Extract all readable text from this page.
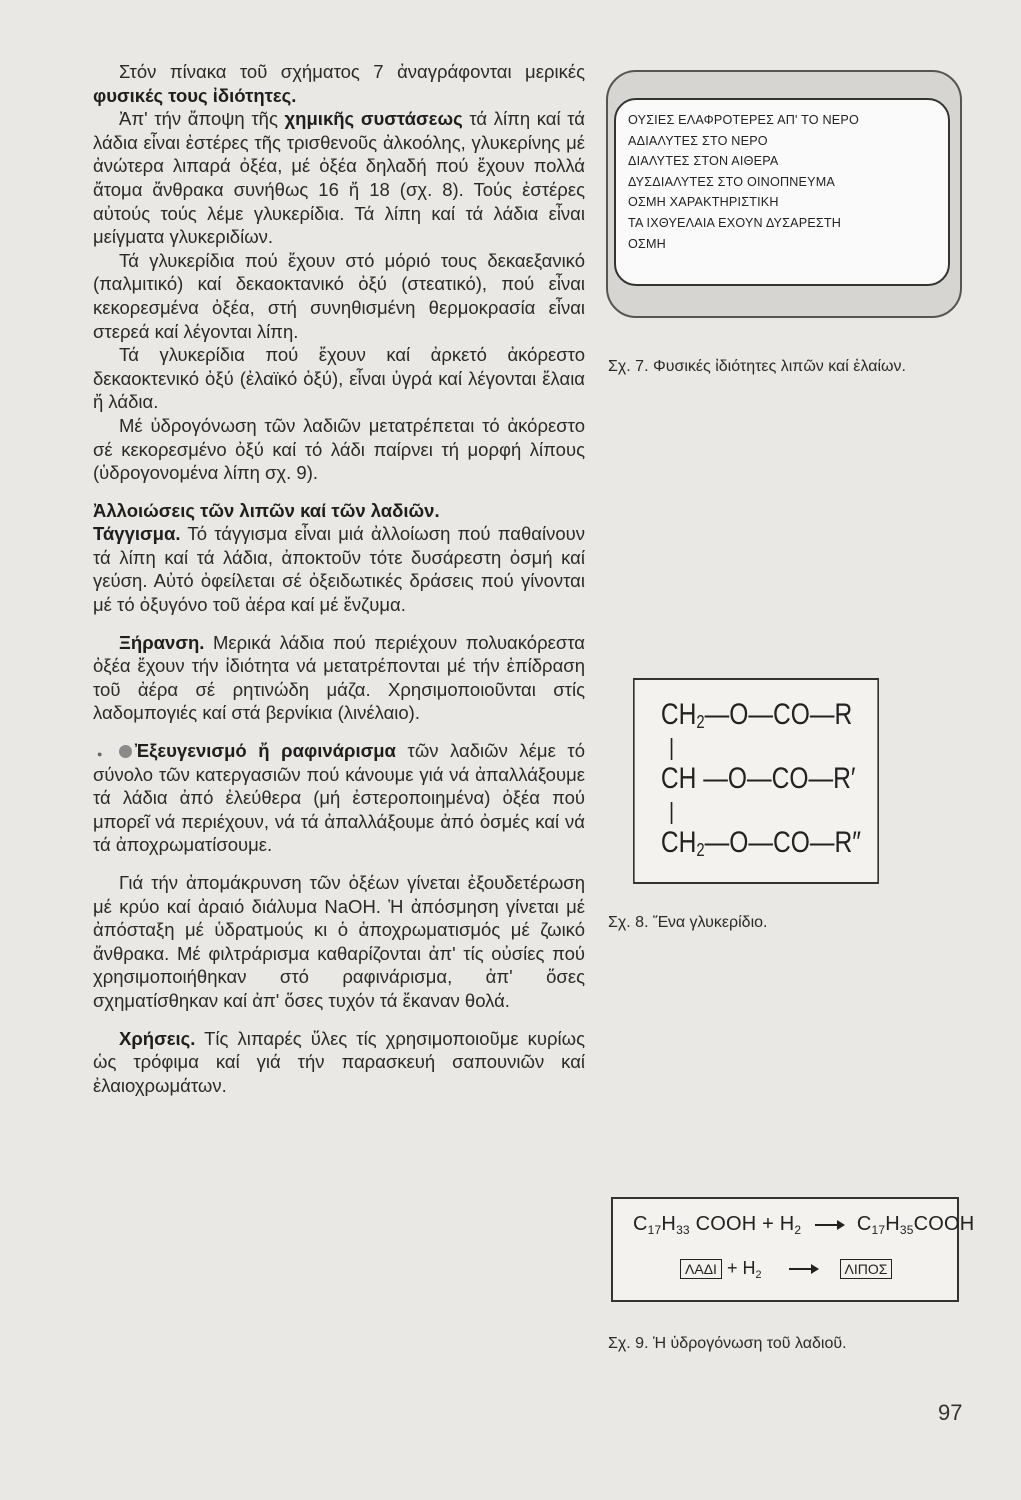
Στόν πίνακα τοῦ σχήματος 7 ἀναγράφονται μερικές φυσικές τους ἰδιότητες.

Ἀπ' τήν ἄποψη τῆς χημικῆς συστάσεως τά λίπη καί τά λάδια εἶναι ἐστέρες τῆς τρισθενοῦς ἀλκοόλης, γλυκερίνης μέ ἀνώτερα λιπαρά ὀξέα, μέ ὀξέα δηλαδή πού ἔχουν πολλά ἄτομα ἄνθρακα συνήθως 16 ἤ 18 (σχ. 8). Τούς ἐστέρες αὐτούς τούς λέμε γλυκερίδια. Τά λίπη καί τά λάδια εἶναι μείγματα γλυκεριδίων.

Τά γλυκερίδια πού ἔχουν στό μόριό τους δεκαεξανικό (παλμιτικό) καί δεκαοκτανικό ὀξύ (στεατικό), πού εἶναι κεκορεσμένα ὀξέα, στή συνηθισμένη θερμοκρασία εἶναι στερεά καί λέγονται λίπη.

Τά γλυκερίδια πού ἔχουν καί ἀρκετό ἀκόρεστο δεκαοκτενικό ὀξύ (ἐλαϊκό ὀξύ), εἶναι ὑγρά καί λέγονται ἔλαια ἤ λάδια.

Μέ ὑδρογόνωση τῶν λαδιῶν μετατρέπεται τό ἀκόρεστο σέ κεκορεσμένο ὀξύ καί τό λάδι παίρνει τή μορφή λίπους (ὑδρογονομένα λίπη σχ. 9).

Ἀλλοιώσεις τῶν λιπῶν καί τῶν λαδιῶν.

Τάγγισμα. Τό τάγγισμα εἶναι μιά ἀλλοίωση πού παθαίνουν τά λίπη καί τά λάδια, ἀποκτοῦν τότε δυσάρεστη ὀσμή καί γεύση. Αὐτό ὀφείλεται σέ ὀξειδωτικές δράσεις πού γίνονται μέ τό ὀξυγόνο τοῦ ἀέρα καί μέ ἔνζυμα.

Ξήρανση. Μερικά λάδια πού περιέχουν πολυακόρεστα ὀξέα ἔχουν τήν ἰδιότητα νά μετατρέπονται μέ τήν ἐπίδραση τοῦ ἀέρα σέ ρητινώδη μάζα. Χρησιμοποιοῦνται στίς λαδομπογιές καί στά βερνίκια (λινέλαιο).

● Ἐξευγενισμό ἤ ραφινάρισμα τῶν λαδιῶν λέμε τό σύνολο τῶν κατεργασιῶν πού κάνουμε γιά νά ἀπαλλάξουμε τά λάδια ἀπό ἐλεύθερα (μή ἐστεροποιημένα) ὀξέα πού μπορεῖ νά περιέχουν, νά τά ἀπαλλάξουμε ἀπό ὀσμές καί νά τά ἀποχρωματίσουμε.

Γιά τήν ἀπομάκρυνση τῶν ὀξέων γίνεται ἐξουδετέρωση μέ κρύο καί ἀραιό διάλυμα NaOH. Ἡ ἀπόσμηση γίνεται μέ ἀπόσταξη μέ ὑδρατμούς κι ὁ ἀποχρωματισμός μέ ζωικό ἄνθρακα. Μέ φιλτράρισμα καθαρίζονται ἀπ' τίς οὐσίες πού χρησιμοποιήθηκαν στό ραφινάρισμα, ἀπ' ὅσες σχηματίσθηκαν καί ἀπ' ὅσες τυχόν τά ἔκαναν θολά.

Χρήσεις. Τίς λιπαρές ὕλες τίς χρησιμοποιοῦμε κυρίως ὡς τρόφιμα καί γιά τήν παρασκευή σαπουνιῶν καί ἐλαιοχρωμάτων.

ΟΥΣΙΕΣ ΕΛΑΦΡΟΤΕΡΕΣ ΑΠ' ΤΟ ΝΕΡΟ
ΑΔΙΑΛΥΤΕΣ ΣΤΟ ΝΕΡΟ
ΔΙΑΛΥΤΕΣ ΣΤΟΝ ΑΙΘΕΡΑ
ΔΥΣΔΙΑΛΥΤΕΣ ΣΤΟ ΟΙΝΟΠΝΕΥΜΑ
ΟΣΜΗ ΧΑΡΑΚΤΗΡΙΣΤΙΚΗ
ΤΑ ΙΧΘΥΕΛΑΙΑ ΕΧΟΥΝ ΔΥΣΑΡΕΣΤΗ
ΟΣΜΗ
Σχ. 7. Φυσικές ἰδιότητες λιπῶν καί ἐλαίων.
$CH_2—O—CO—R$
CH —O—CO—R′
$CH_2—O—CO—R''$
Σχ. 8. Ἕνα γλυκερίδιο.
$C_{17}H_{33}$ COOH + $H_2$ → $C_{17}H_{35}COOH$
$\Lambda A\Delta I + H_2$	ΛΙΠΟΣ
Σχ. 9. Ἡ ὑδρογόνωση τοῦ λαδιοῦ.
97
